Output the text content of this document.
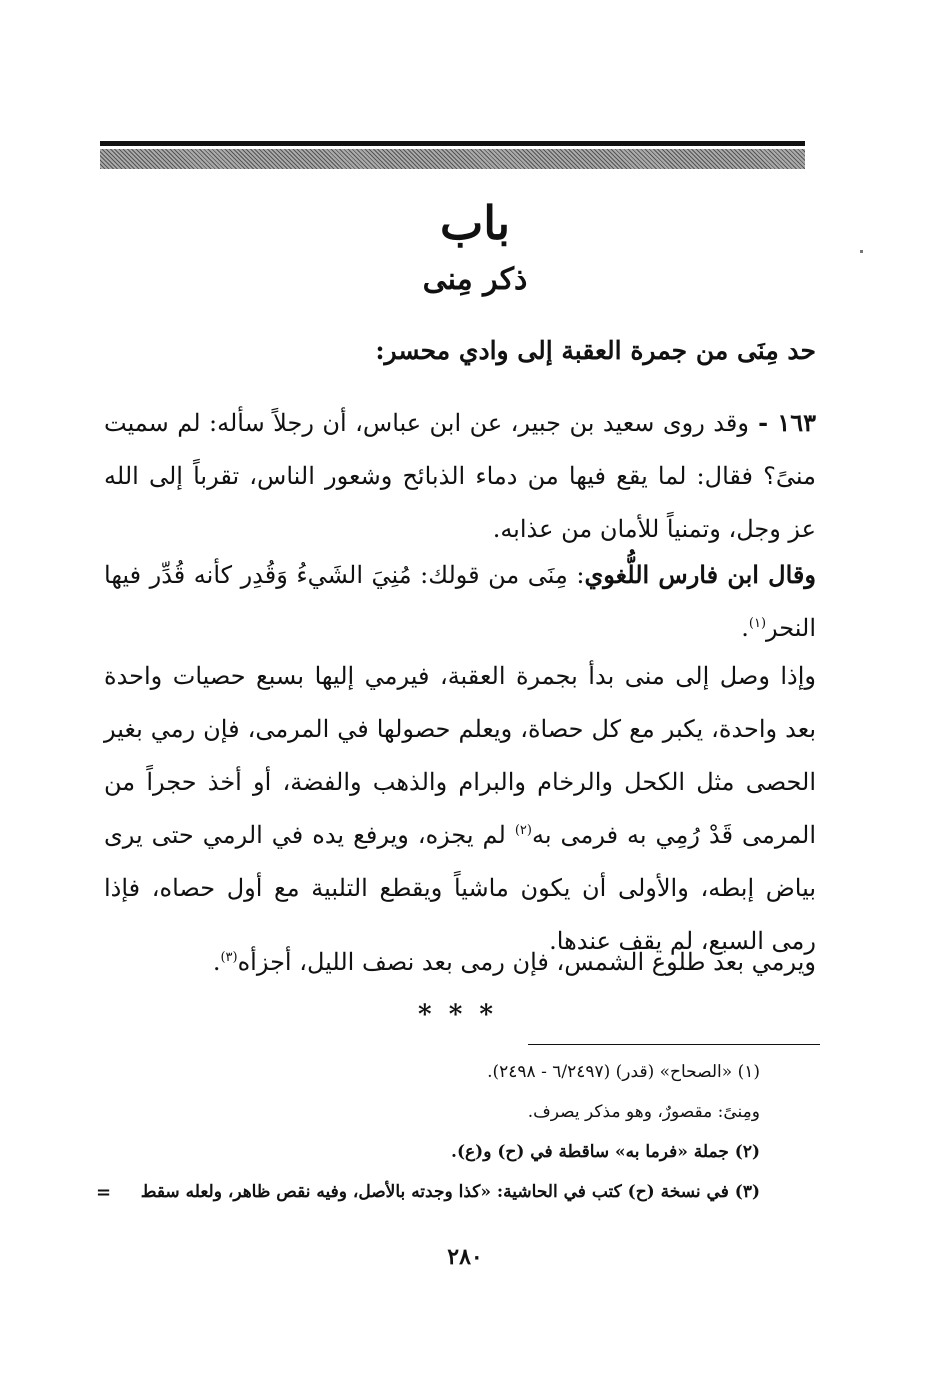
باب
ذكر مِنى
حد مِنَى من جمرة العقبة إلى وادي محسر:
١٦٣ - وقد روى سعيد بن جبير، عن ابن عباس، أن رجلاً سأله: لم سميت منىً؟ فقال: لما يقع فيها من دماء الذبائح وشعور الناس، تقرباً إلى الله عز وجل، وتمنياً للأمان من عذابه.
وقال ابن فارس اللُّغوي: مِنَى من قولك: مُنِيَ الشَيءُ وَقُدِر كأنه قُدِّر فيها النحر$^{(١)}$.
وإذا وصل إلى منى بدأ بجمرة العقبة، فيرمي إليها بسبع حصيات واحدة بعد واحدة، يكبر مع كل حصاة، ويعلم حصولها في المرمى، فإن رمي بغير الحصى مثل الكحل والرخام والبرام والذهب والفضة، أو أخذ حجراً من المرمى قَدْ رُمِي به فرمى به$^{(٢)}$ لم يجزه، ويرفع يده في الرمي حتى يرى بياض إبطه، والأولى أن يكون ماشياً ويقطع التلبية مع أول حصاه، فإذا رمى السبع، لم يقف عندها.
ويرمي بعد طلوع الشمس، فإن رمى بعد نصف الليل، أجزأه$^{(٣)}$.
* * *
(١) «الصحاح» (قدر) (٦/٢٤٩٧ - ٢٤٩٨).
ومِنىً: مقصورٌ، وهو مذكر يصرف.
(٢) جملة «فرما به» ساقطة في (ح) و(ع).
(٣) في نسخة (ح) كتب في الحاشية: «كذا وجدته بالأصل، وفيه نقص ظاهر، ولعله سقط
=
٢٨٠
